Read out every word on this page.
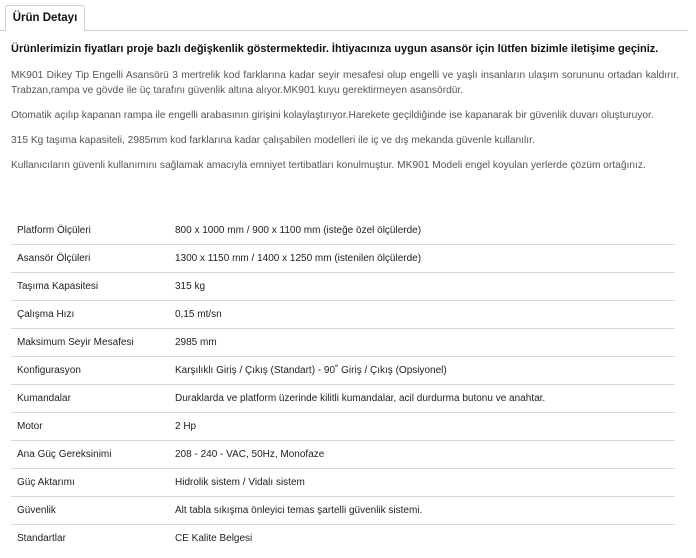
Ürün Detayı

Ürünlerimizin fiyatları proje bazlı değişkenlik göstermektedir. İhtiyacınıza uygun asansör için lütfen bizimle iletişime geçiniz.

MK901 Dikey Tip Engelli Asansörü 3 mertrelik kod farklarına kadar seyir mesafesi olup engelli ve yaşlı insanların ulaşım sorununu ortadan kaldırır. Trabzan,rampa ve gövde ile üç tarafını güvenlik altına alıyor.MK901 kuyu gerektirmeyen asansördür.

Otomatik açılıp kapanan rampa ile engelli arabasının girişini kolaylaştırıyor.Harekete geçildiğinde ise kapanarak bir güvenlik duvarı oluşturuyor.

315 Kg taşıma kapasiteli, 2985mm kod farklarına kadar çalışabilen modelleri ile iç ve dış mekanda güvenle kullanılır.

Kullanıcıların güvenli kullanımını sağlamak amacıyla emniyet tertibatları konulmuştur. MK901 Modeli engel koyulan yerlerde çözüm ortağınız.

Platform Ölçüleri	800 x 1000 mm / 900 x 1100 mm (isteğe özel ölçülerde)
Asansör Ölçüleri	1300 x 1150 mm / 1400 x 1250 mm (istenilen ölçülerde)
Taşıma Kapasitesi	315 kg
Çalışma Hızı	0,15 mt/sn
Maksimum Seyir Mesafesi	2985 mm
Konfigurasyon	Karşılıklı Giriş / Çıkış (Standart) - 90˚ Giriş / Çıkış (Opsiyonel)
Kumandalar	Duraklarda ve platform üzerinde kilitli kumandalar, acil durdurma butonu ve anahtar.
Motor	2 Hp
Ana Güç Gereksinimi	208 - 240 - VAC, 50Hz, Monofaze
Güç Aktarımı	Hidrolik sistem / Vidalı sistem
Güvenlik	Alt tabla sıkışma önleyici temas şartelli güvenlik sistemi.
Standartlar	CE Kalite Belgesi
